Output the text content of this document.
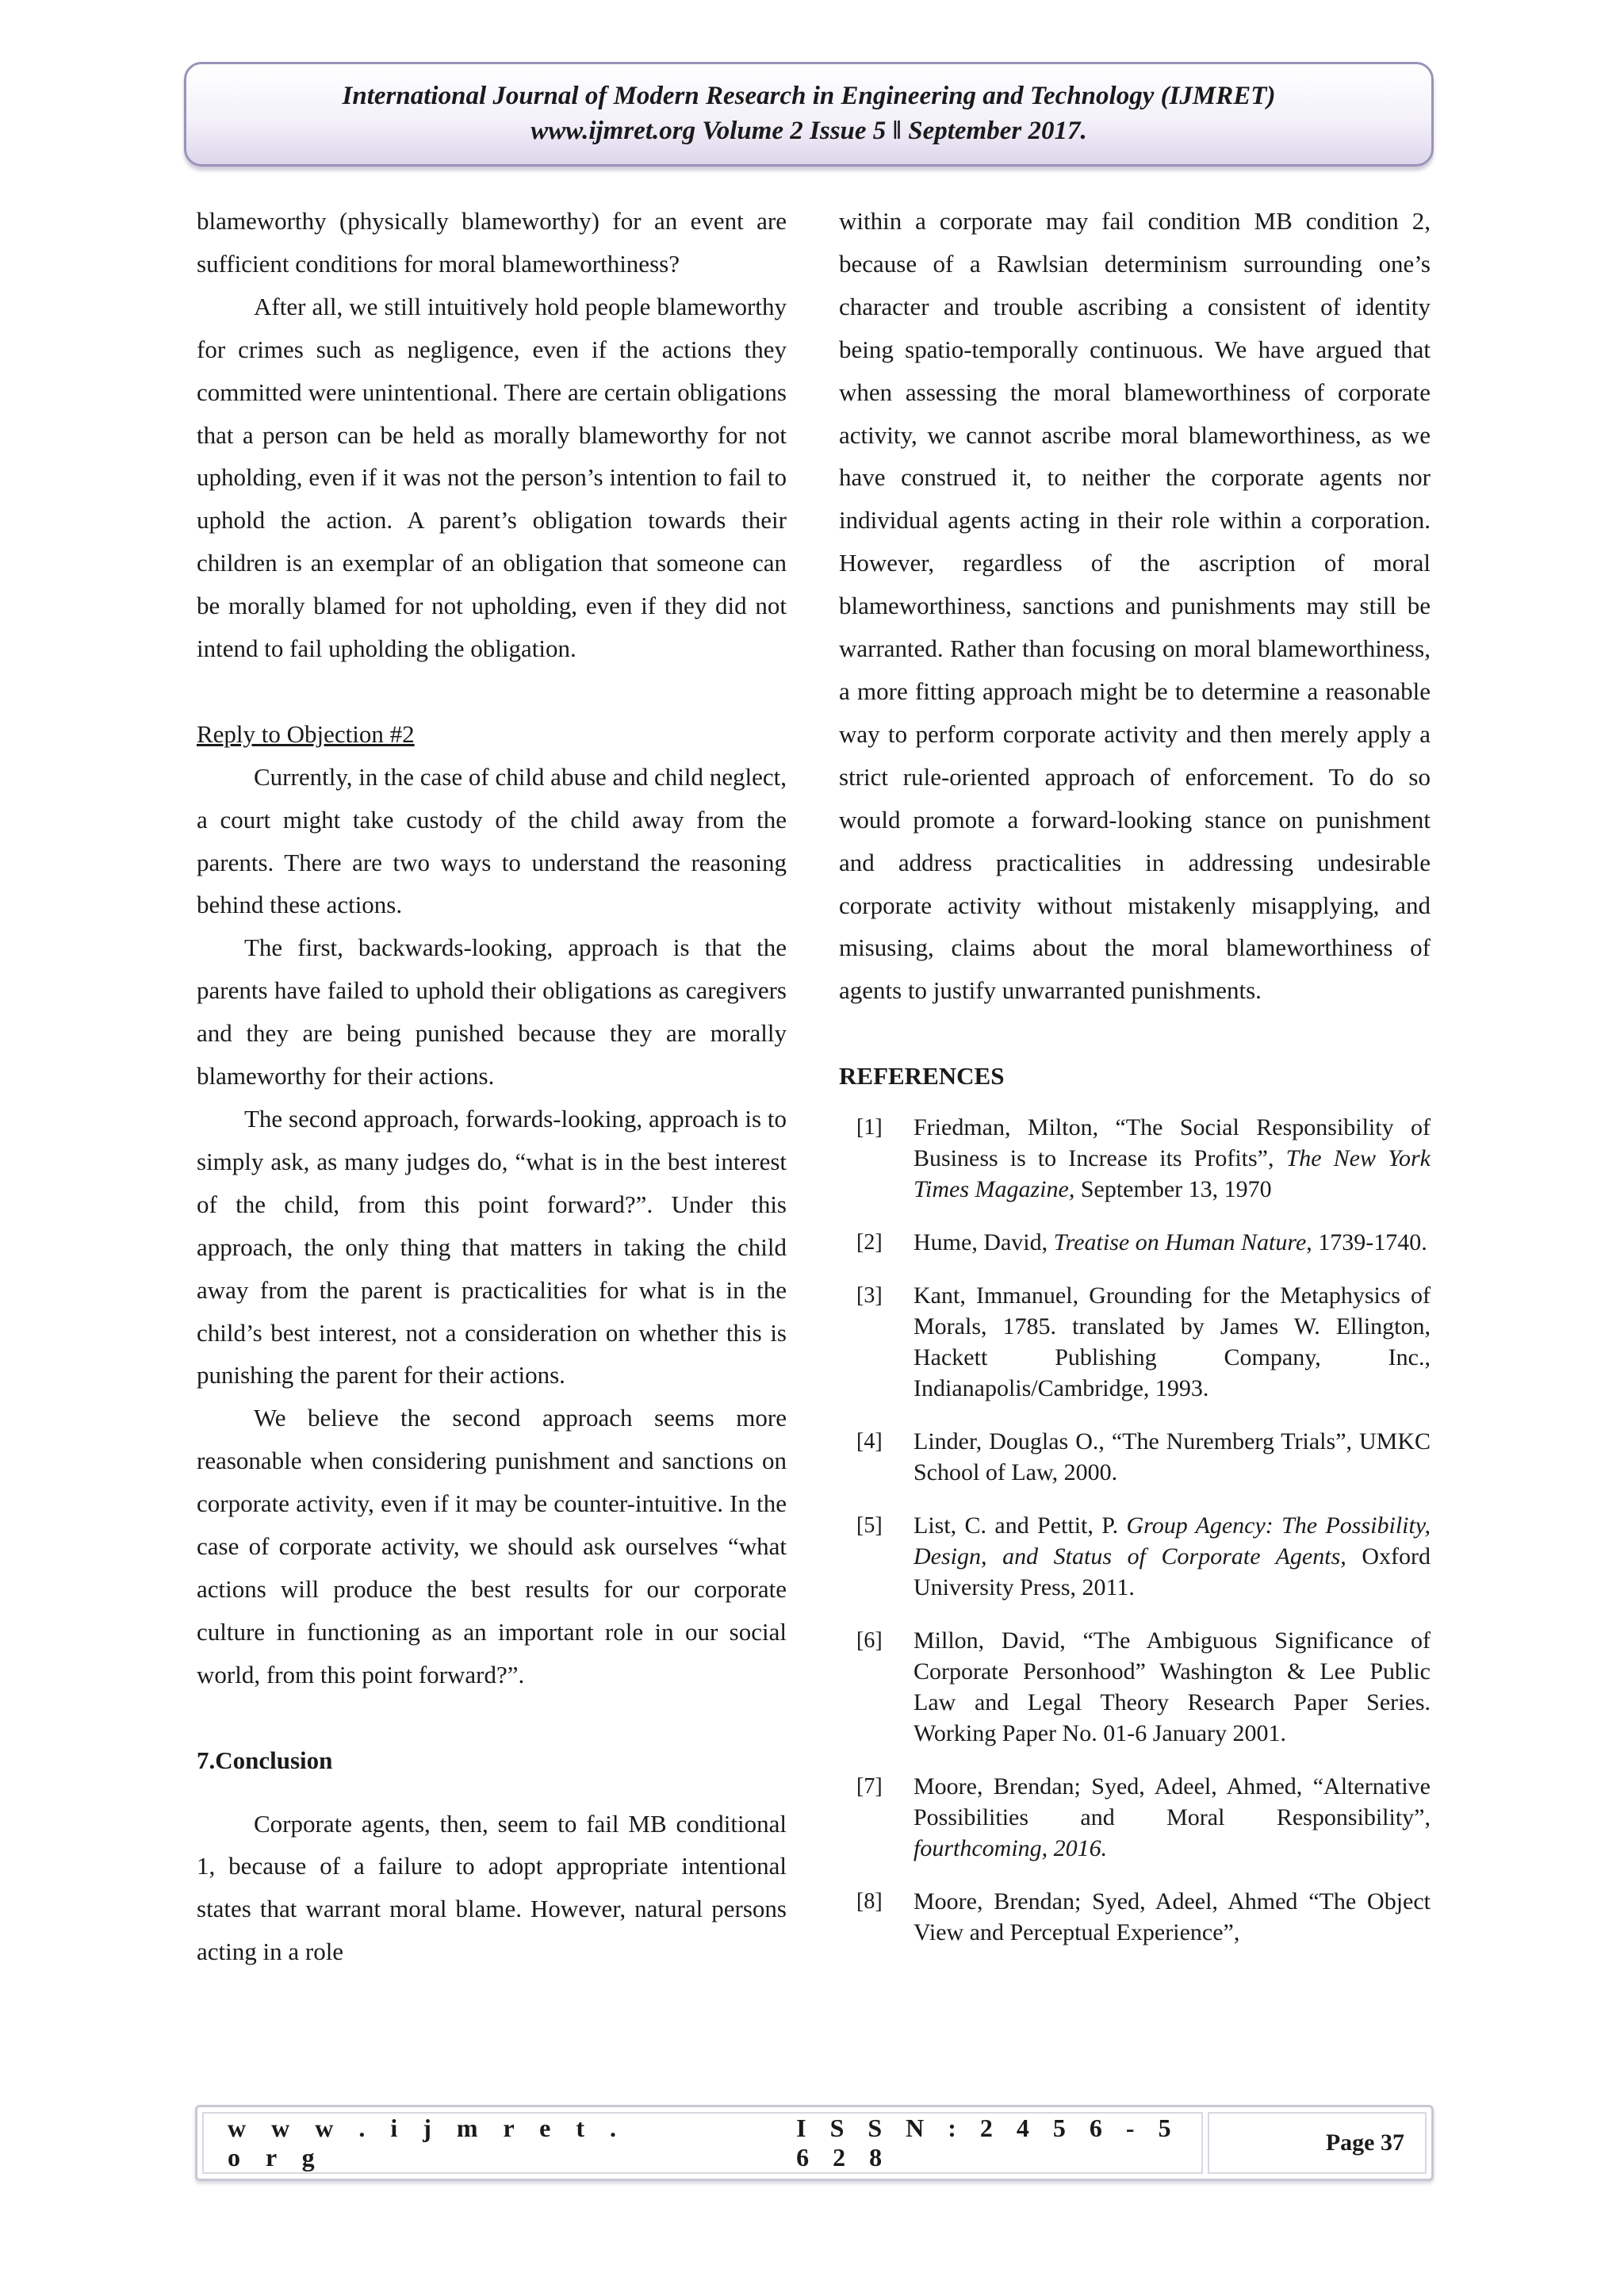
International Journal of Modern Research in Engineering and Technology (IJMRET)
www.ijmret.org Volume 2 Issue 5 ǁ September 2017.

blameworthy (physically blameworthy) for an event are sufficient conditions for moral blameworthiness?

After all, we still intuitively hold people blameworthy for crimes such as negligence, even if the actions they committed were unintentional. There are certain obligations that a person can be held as morally blameworthy for not upholding, even if it was not the person’s intention to fail to uphold the action. A parent’s obligation towards their children is an exemplar of an obligation that someone can be morally blamed for not upholding, even if they did not intend to fail upholding the obligation.

Reply to Objection #2

Currently, in the case of child abuse and child neglect, a court might take custody of the child away from the parents. There are two ways to understand the reasoning behind these actions.

The first, backwards-looking, approach is that the parents have failed to uphold their obligations as caregivers and they are being punished because they are morally blameworthy for their actions.

The second approach, forwards-looking, approach is to simply ask, as many judges do, “what is in the best interest of the child, from this point forward?”. Under this approach, the only thing that matters in taking the child away from the parent is practicalities for what is in the child’s best interest, not a consideration on whether this is punishing the parent for their actions.

We believe the second approach seems more reasonable when considering punishment and sanctions on corporate activity, even if it may be counter-intuitive. In the case of corporate activity, we should ask ourselves “what actions will produce the best results for our corporate culture in functioning as an important role in our social world, from this point forward?”.

7.Conclusion

Corporate agents, then, seem to fail MB conditional 1, because of a failure to adopt appropriate intentional states that warrant moral blame. However, natural persons acting in a role

within a corporate may fail condition MB condition 2, because of a Rawlsian determinism surrounding one’s character and trouble ascribing a consistent of identity being spatio-temporally continuous. We have argued that when assessing the moral blameworthiness of corporate activity, we cannot ascribe moral blameworthiness, as we have construed it, to neither the corporate agents nor individual agents acting in their role within a corporation. However, regardless of the ascription of moral blameworthiness, sanctions and punishments may still be warranted. Rather than focusing on moral blameworthiness, a more fitting approach might be to determine a reasonable way to perform corporate activity and then merely apply a strict rule-oriented approach of enforcement. To do so would promote a forward-looking stance on punishment and address practicalities in addressing undesirable corporate activity without mistakenly misapplying, and misusing, claims about the moral blameworthiness of agents to justify unwarranted punishments.

REFERENCES

[1]	Friedman, Milton, “The Social Responsibility of Business is to Increase its Profits”, The New York Times Magazine, September 13, 1970
[2]	Hume, David, Treatise on Human Nature, 1739-1740.
[3]	Kant, Immanuel, Grounding for the Metaphysics of Morals, 1785. translated by James W. Ellington, Hackett Publishing Company, Inc., Indianapolis/Cambridge, 1993.
[4]	Linder, Douglas O., “The Nuremberg Trials”, UMKC School of Law, 2000.
[5]	List, C. and Pettit, P. Group Agency: The Possibility, Design, and Status of Corporate Agents, Oxford University Press, 2011.
[6]	Millon, David, “The Ambiguous Significance of Corporate Personhood” Washington & Lee Public Law and Legal Theory Research Paper Series. Working Paper No. 01-6 January 2001.
[7]	Moore, Brendan; Syed, Adeel, Ahmed, “Alternative Possibilities and Moral Responsibility”, fourthcoming, 2016.
[8]	Moore, Brendan; Syed, Adeel, Ahmed “The Object View and Perceptual Experience”,
w w w . i j m r e t . o r g
I S S N : 2 4 5 6 - 5 6 2 8
Page 37
